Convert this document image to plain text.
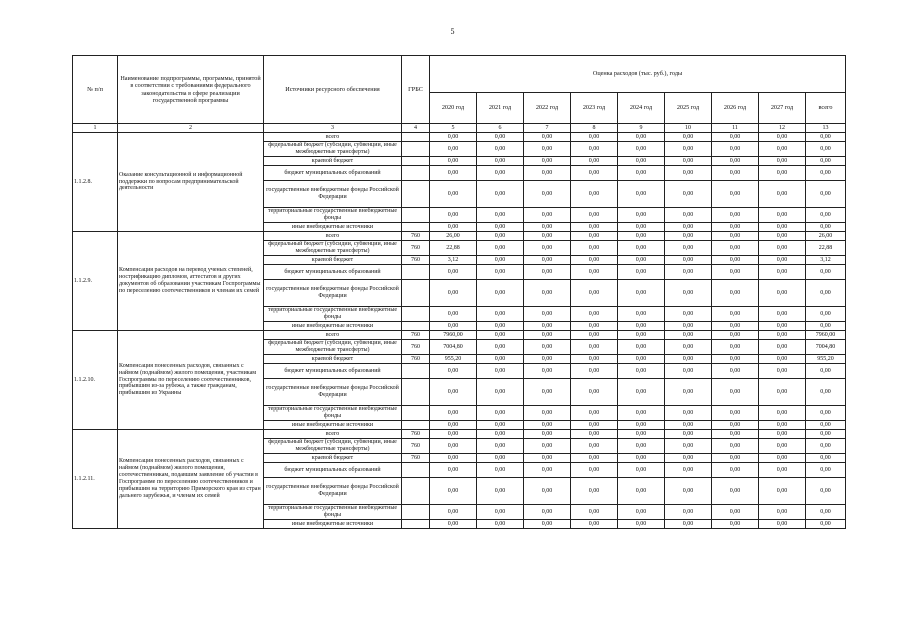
5
№ п/п	Наименование подпрограммы, программы, принятой в соответствии с требованиями федерального законодательства в сфере реализации государственной программы	Источники ресурсного обеспечения	ГРБС	Оценка расходов (тыс. руб.), годы								
				2020 год	2021 год	2022 год	2023 год	2024 год	2025 год	2026 год	2027 год	всего
1	2	3	4	5	6	7	8	9	10	11	12	13
1.1.2.8.	Оказание консультационной и информационной поддержки по вопросам предпринимательской деятельности	всего		0,00	0,00	0,00	0,00	0,00	0,00	0,00	0,00	0,00
		федеральный бюджет (субсидии, субвенции, иные межбюджетные трансферты)		0,00	0,00	0,00	0,00	0,00	0,00	0,00	0,00	0,00
		краевой бюджет		0,00	0,00	0,00	0,00	0,00	0,00	0,00	0,00	0,00
		бюджет муниципальных образований		0,00	0,00	0,00	0,00	0,00	0,00	0,00	0,00	0,00
		государственные внебюджетные фонды Российской Федерации		0,00	0,00	0,00	0,00	0,00	0,00	0,00	0,00	0,00
		территориальные государственные внебюджетные фонды		0,00	0,00	0,00	0,00	0,00	0,00	0,00	0,00	0,00
		иные внебюджетные источники		0,00	0,00	0,00	0,00	0,00	0,00	0,00	0,00	0,00
1.1.2.9.	Компенсация расходов на перевод ученых степеней, нострификацию дипломов, аттестатов и других документов об образовании участникам Госпрограммы по переселению соотечественников и членам их семей	всего	760	26,00	0,00	0,00	0,00	0,00	0,00	0,00	0,00	26,00
		федеральный бюджет (субсидии, субвенции, иные межбюджетные трансферты)	760	22,88	0,00	0,00	0,00	0,00	0,00	0,00	0,00	22,88
		краевой бюджет	760	3,12	0,00	0,00	0,00	0,00	0,00	0,00	0,00	3,12
		бюджет муниципальных образований		0,00	0,00	0,00	0,00	0,00	0,00	0,00	0,00	0,00
		государственные внебюджетные фонды Российской Федерации		0,00	0,00	0,00	0,00	0,00	0,00	0,00	0,00	0,00
		территориальные государственные внебюджетные фонды		0,00	0,00	0,00	0,00	0,00	0,00	0,00	0,00	0,00
		иные внебюджетные источники		0,00	0,00	0,00	0,00	0,00	0,00	0,00	0,00	0,00
1.1.2.10.	Компенсация понесенных расходов, связанных с наймом (поднаймом) жилого помещения, участникам Госпрограммы по переселению соотечественников, прибывшим из-за рубежа, а также гражданам, прибывшим из Украины	всего	760	7960,00	0,00	0,00	0,00	0,00	0,00	0,00	0,00	7960,00
		федеральный бюджет (субсидии, субвенции, иные межбюджетные трансферты)	760	7004,80	0,00	0,00	0,00	0,00	0,00	0,00	0,00	7004,80
		краевой бюджет	760	955,20	0,00	0,00	0,00	0,00	0,00	0,00	0,00	955,20
		бюджет муниципальных образований		0,00	0,00	0,00	0,00	0,00	0,00	0,00	0,00	0,00
		государственные внебюджетные фонды Российской Федерации		0,00	0,00	0,00	0,00	0,00	0,00	0,00	0,00	0,00
		территориальные государственные внебюджетные фонды		0,00	0,00	0,00	0,00	0,00	0,00	0,00	0,00	0,00
		иные внебюджетные источники		0,00	0,00	0,00	0,00	0,00	0,00	0,00	0,00	0,00
1.1.2.11.	Компенсация понесенных расходов, связанных с наймом (поднаймом) жилого помещения, соотечественникам, подавшим заявление об участии в Госпрограмме по переселению соотечественников и прибывшим на территорию Приморского края из стран дальнего зарубежья, и членам их семей	всего	760	0,00	0,00	0,00	0,00	0,00	0,00	0,00	0,00	0,00
		федеральный бюджет (субсидии, субвенции, иные межбюджетные трансферты)	760	0,00	0,00	0,00	0,00	0,00	0,00	0,00	0,00	0,00
		краевой бюджет	760	0,00	0,00	0,00	0,00	0,00	0,00	0,00	0,00	0,00
		бюджет муниципальных образований		0,00	0,00	0,00	0,00	0,00	0,00	0,00	0,00	0,00
		государственные внебюджетные фонды Российской Федерации		0,00	0,00	0,00	0,00	0,00	0,00	0,00	0,00	0,00
		территориальные государственные внебюджетные фонды		0,00	0,00	0,00	0,00	0,00	0,00	0,00	0,00	0,00
		иные внебюджетные источники		0,00	0,00	0,00	0,00	0,00	0,00	0,00	0,00	0,00
